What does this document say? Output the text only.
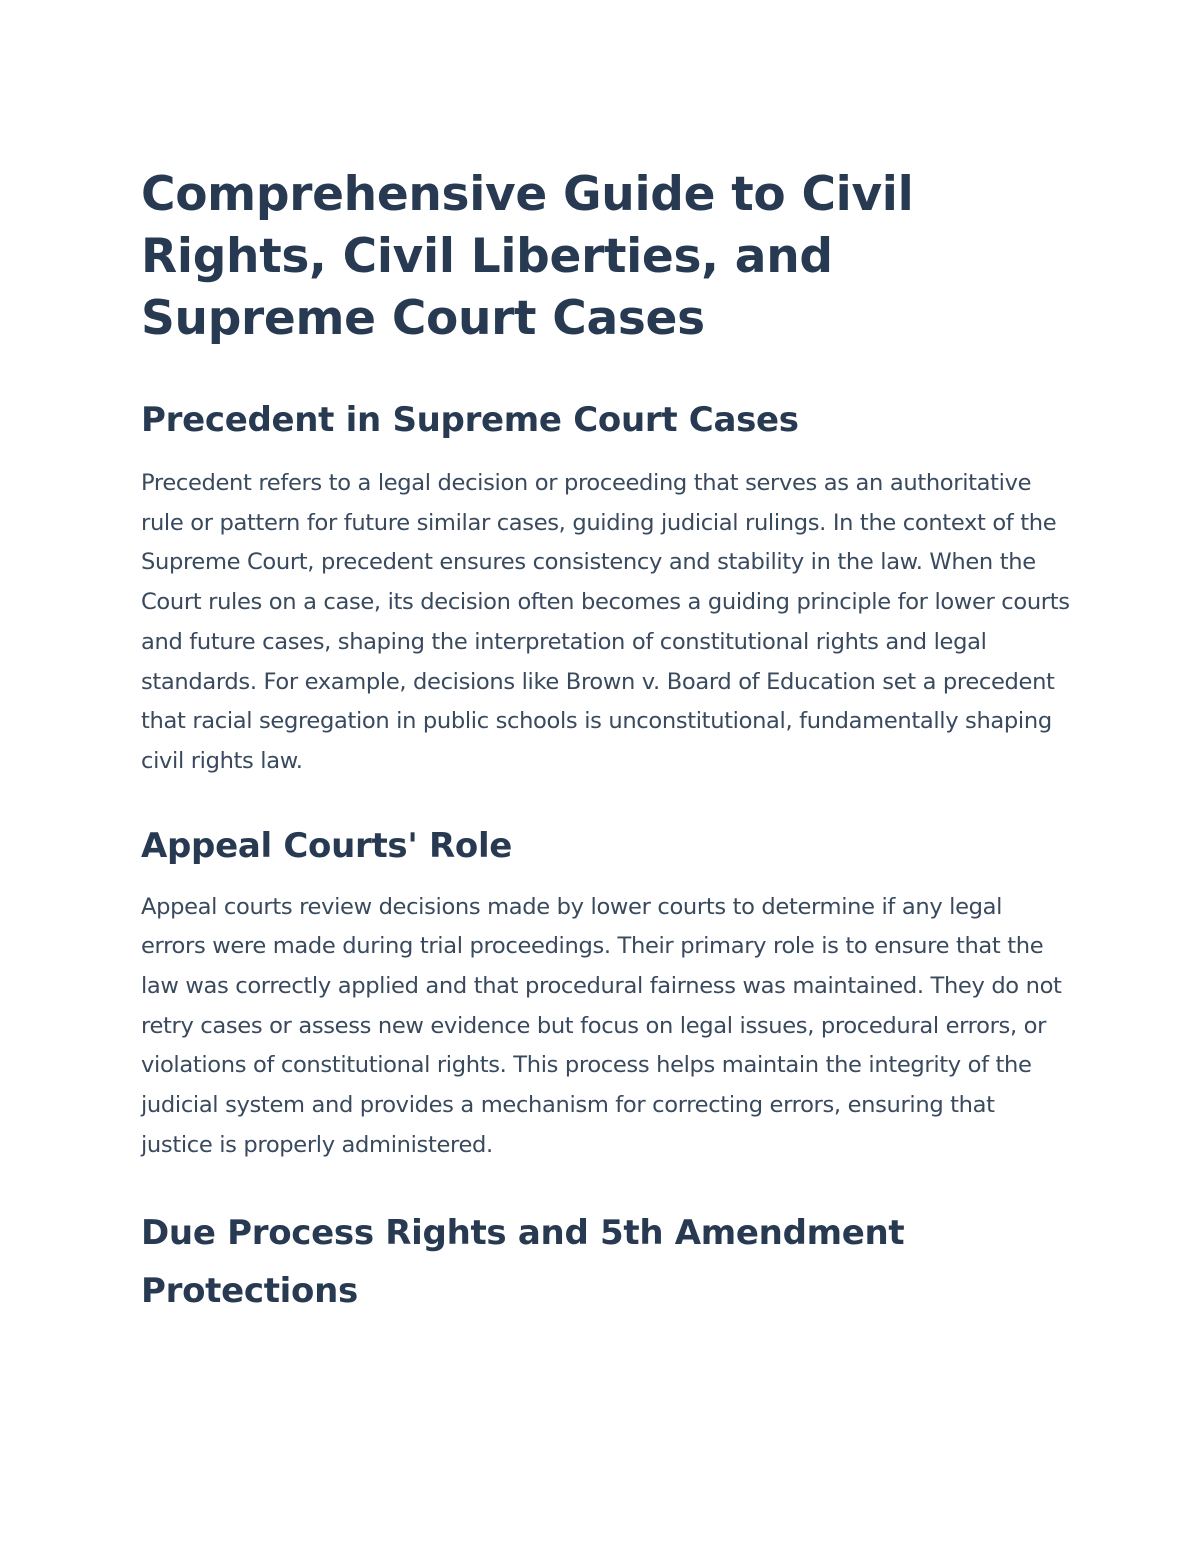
Comprehensive Guide to Civil Rights, Civil Liberties, and Supreme Court Cases
Precedent in Supreme Court Cases

Precedent refers to a legal decision or proceeding that serves as an authoritative rule or pattern for future similar cases, guiding judicial rulings. In the context of the Supreme Court, precedent ensures consistency and stability in the law. When the Court rules on a case, its decision often becomes a guiding principle for lower courts and future cases, shaping the interpretation of constitutional rights and legal standards. For example, decisions like Brown v. Board of Education set a precedent that racial segregation in public schools is unconstitutional, fundamentally shaping civil rights law.

Appeal Courts' Role

Appeal courts review decisions made by lower courts to determine if any legal errors were made during trial proceedings. Their primary role is to ensure that the law was correctly applied and that procedural fairness was maintained. They do not retry cases or assess new evidence but focus on legal issues, procedural errors, or violations of constitutional rights. This process helps maintain the integrity of the judicial system and provides a mechanism for correcting errors, ensuring that justice is properly administered.

Due Process Rights and 5th Amendment Protections
